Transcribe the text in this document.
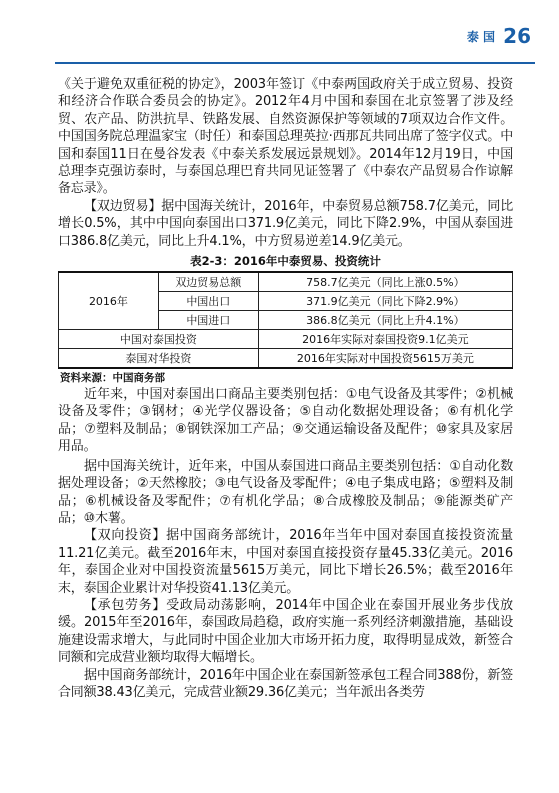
泰 国 26

《关于避免双重征税的协定》，2003年签订《中泰两国政府关于成立贸易、投资和经济合作联合委员会的协定》。2012年4月中国和泰国在北京签署了涉及经贸、农产品、防洪抗旱、铁路发展、自然资源保护等领域的7项双边合作文件。中国国务院总理温家宝（时任）和泰国总理英拉·西那瓦共同出席了签字仪式。中国和泰国11日在曼谷发表《中泰关系发展远景规划》。2014年12月19日，中国总理李克强访泰时，与泰国总理巴育共同见证签署了《中泰农产品贸易合作谅解备忘录》。

【双边贸易】据中国海关统计，2016年，中泰贸易总额758.7亿美元，同比增长0.5%，其中中国向泰国出口371.9亿美元，同比下降2.9%，中国从泰国进口386.8亿美元，同比上升4.1%，中方贸易逆差14.9亿美元。

表2-3：2016年中泰贸易、投资统计
2016年	双边贸易总额	758.7亿美元（同比上涨0.5%）
	中国出口	371.9亿美元（同比下降2.9%）
	中国进口	386.8亿美元（同比上升4.1%）
中国对泰国投资		2016年实际对泰国投资9.1亿美元
泰国对华投资		2016年实际对中国投资5615万美元
资料来源：中国商务部

近年来，中国对泰国出口商品主要类别包括：①电气设备及其零件；②机械设备及零件；③钢材；④光学仪器设备；⑤自动化数据处理设备；⑥有机化学品；⑦塑料及制品；⑧钢铁深加工产品；⑨交通运输设备及配件；⑩家具及家居用品。

据中国海关统计，近年来，中国从泰国进口商品主要类别包括：①自动化数据处理设备；②天然橡胶；③电气设备及零配件；④电子集成电路；⑤塑料及制品；⑥机械设备及零配件；⑦有机化学品；⑧合成橡胶及制品；⑨能源类矿产品；⑩木薯。

【双向投资】据中国商务部统计，2016年当年中国对泰国直接投资流量11.21亿美元。截至2016年末，中国对泰国直接投资存量45.33亿美元。2016年，泰国企业对中国投资流量5615万美元，同比下增长26.5%；截至2016年末，泰国企业累计对华投资41.13亿美元。

【承包劳务】受政局动荡影响，2014年中国企业在泰国开展业务步伐放缓。2015年至2016年，泰国政局趋稳，政府实施一系列经济刺激措施，基础设施建设需求增大，与此同时中国企业加大市场开拓力度，取得明显成效，新签合同额和完成营业额均取得大幅增长。

据中国商务部统计，2016年中国企业在泰国新签承包工程合同388份，新签合同额38.43亿美元，完成营业额29.36亿美元；当年派出各类劳
